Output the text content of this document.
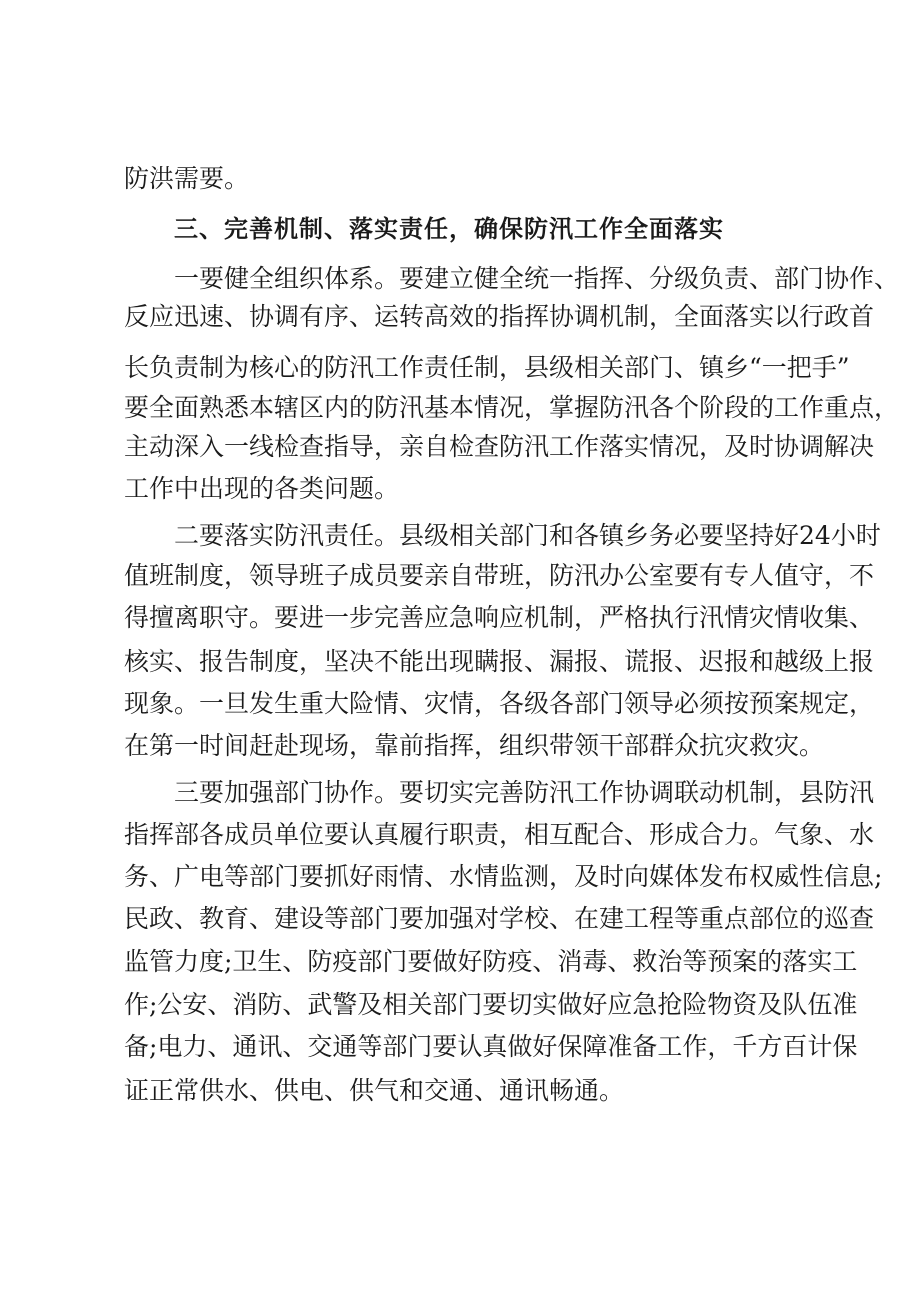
防洪需要。
三、完善机制、落实责任，确保防汛工作全面落实
一要健全组织体系。要建立健全统一指挥、分级负责、部门协作、
反应迅速、协调有序、运转高效的指挥协调机制，全面落实以行政首
长负责制为核心的防汛工作责任制，县级相关部门、镇乡“一把手”
要全面熟悉本辖区内的防汛基本情况，掌握防汛各个阶段的工作重点，
主动深入一线检查指导，亲自检查防汛工作落实情况，及时协调解决
工作中出现的各类问题。
二要落实防汛责任。县级相关部门和各镇乡务必要坚持好24小时
值班制度，领导班子成员要亲自带班，防汛办公室要有专人值守，不
得擅离职守。要进一步完善应急响应机制，严格执行汛情灾情收集、
核实、报告制度，坚决不能出现瞒报、漏报、谎报、迟报和越级上报
现象。一旦发生重大险情、灾情，各级各部门领导必须按预案规定，
在第一时间赶赴现场，靠前指挥，组织带领干部群众抗灾救灾。
三要加强部门协作。要切实完善防汛工作协调联动机制，县防汛
指挥部各成员单位要认真履行职责，相互配合、形成合力。气象、水
务、广电等部门要抓好雨情、水情监测，及时向媒体发布权威性信息;
民政、教育、建设等部门要加强对学校、在建工程等重点部位的巡查
监管力度;卫生、防疫部门要做好防疫、消毒、救治等预案的落实工
作;公安、消防、武警及相关部门要切实做好应急抢险物资及队伍准
备;电力、通讯、交通等部门要认真做好保障准备工作，千方百计保
证正常供水、供电、供气和交通、通讯畅通。
